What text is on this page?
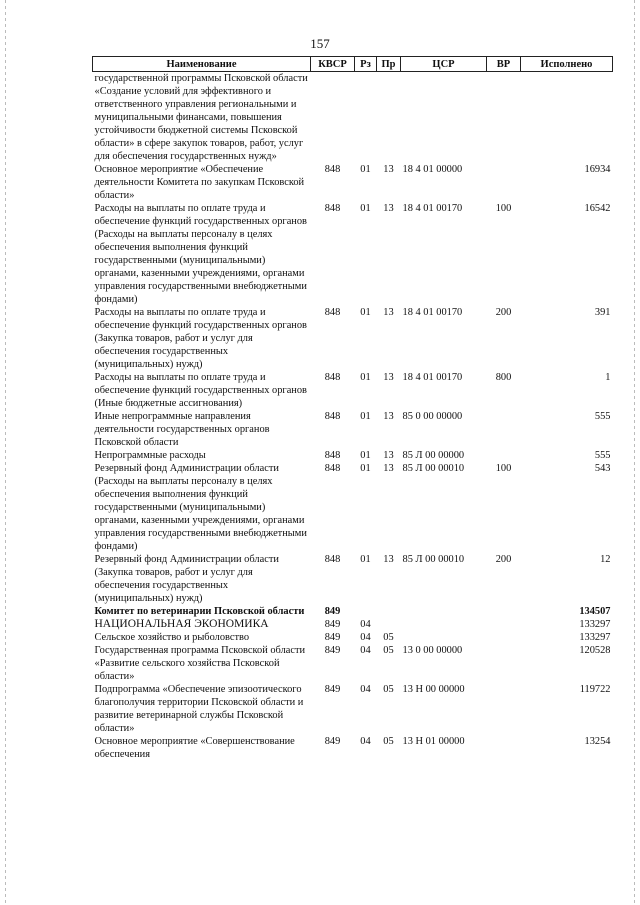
157
Наименование	КВСР	Рз	Пр	ЦСР	ВР	Исполнено
государственной программы Псковской области «Создание условий для эффективного и ответственного управления региональными и муниципальными финансами, повышения устойчивости бюджетной системы Псковской области» в сфере закупок товаров, работ, услуг для обеспечения государственных нужд»						
Основное мероприятие «Обеспечение деятельности Комитета по закупкам Псковской области»	848	01	13	18 4 01 00000		16934
Расходы на выплаты по оплате труда и обеспечение функций государственных органов (Расходы на выплаты персоналу в целях обеспечения выполнения функций государственными (муниципальными) органами, казенными учреждениями, органами управления государственными внебюджетными фондами)	848	01	13	18 4 01 00170	100	16542
Расходы на выплаты по оплате труда и обеспечение функций государственных органов (Закупка товаров, работ и услуг для обеспечения государственных (муниципальных) нужд)	848	01	13	18 4 01 00170	200	391
Расходы на выплаты по оплате труда и обеспечение функций государственных органов (Иные бюджетные ассигнования)	848	01	13	18 4 01 00170	800	1
Иные непрограммные направления деятельности государственных органов Псковской области	848	01	13	85 0 00 00000		555
Непрограммные расходы	848	01	13	85 Л 00 00000		555
Резервный фонд Администрации области (Расходы на выплаты персоналу в целях обеспечения выполнения функций государственными (муниципальными) органами, казенными учреждениями, органами управления государственными внебюджетными фондами)	848	01	13	85 Л 00 00010	100	543
Резервный фонд Администрации области (Закупка товаров, работ и услуг для обеспечения государственных (муниципальных) нужд)	848	01	13	85 Л 00 00010	200	12
Комитет по ветеринарии Псковской области	849					134507
НАЦИОНАЛЬНАЯ ЭКОНОМИКА	849	04				133297
Сельское хозяйство и рыболовство	849	04	05			133297
Государственная программа Псковской области «Развитие сельского хозяйства Псковской области»	849	04	05	13 0 00 00000		120528
Подпрограмма «Обеспечение эпизоотического благополучия территории Псковской области и развитие ветеринарной службы Псковской области»	849	04	05	13 Н 00 00000		119722
Основное мероприятие «Совершенствование обеспечения	849	04	05	13 Н 01 00000		13254
